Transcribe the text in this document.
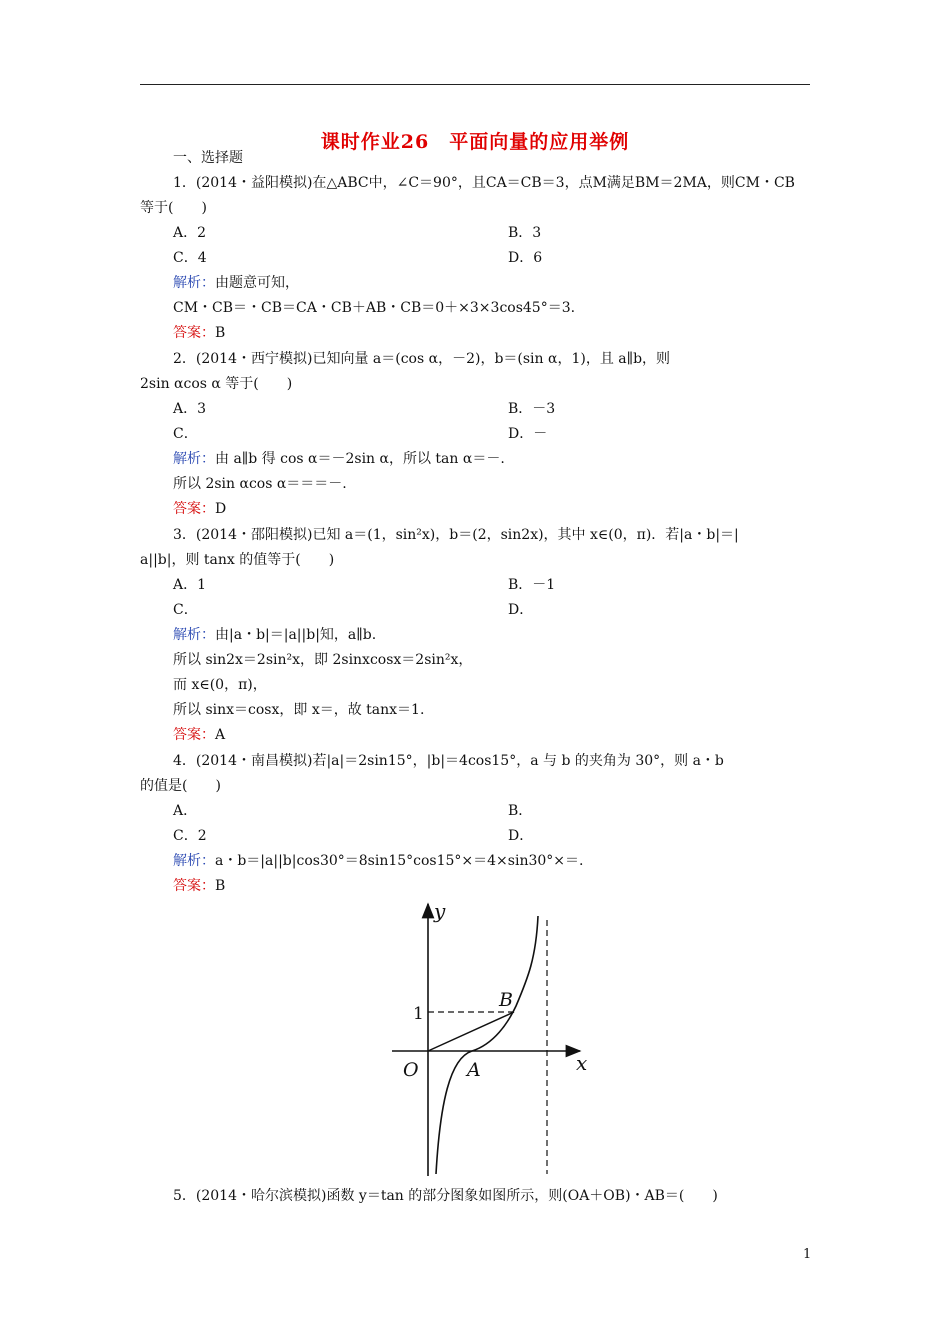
课时作业26　平面向量的应用举例
一、选择题
1．(2014・益阳模拟)在△ABC中，∠C＝90°，且CA＝CB＝3，点M满足BM＝2MA，则CM・CB
等于(　　)
A．2	B．3
C．4	D．6
解析：由题意可知，
CM・CB＝・CB＝CA・CB＋AB・CB＝0＋×3×3cos45°＝3.
答案：B
2．(2014・西宁模拟)已知向量 a＝(cos α，－2)，b＝(sin α，1)，且 a∥b，则
2sin αcos α 等于(　　)
A．3	B．－3
C．	D．－
解析：由 a∥b 得 cos α＝－2sin α，所以 tan α＝－.
所以 2sin αcos α＝＝＝－.
答案：D
3．(2014・邵阳模拟)已知 a＝(1，sin²x)，b＝(2，sin2x)，其中 x∈(0，π)．若|a・b|＝|
a||b|，则 tanx 的值等于(　　)
A．1	B．－1
C．	D．
解析：由|a・b|＝|a||b|知，a∥b.
所以 sin2x＝2sin²x，即 2sinxcosx＝2sin²x，
而 x∈(0，π)，
所以 sinx＝cosx，即 x＝，故 tanx＝1.
答案：A
4．(2014・南昌模拟)若|a|＝2sin15°，|b|＝4cos15°，a 与 b 的夹角为 30°，则 a・b
的值是(　　)
A．	B．
C．2	D．
解析：a・b＝|a||b|cos30°＝8sin15°cos15°×＝4×sin30°×＝.
答案：B
y
x
O	A
B
1
5．(2014・哈尔滨模拟)函数 y＝tan 的部分图象如图所示，则(OA＋OB)・AB＝(　　)
1
